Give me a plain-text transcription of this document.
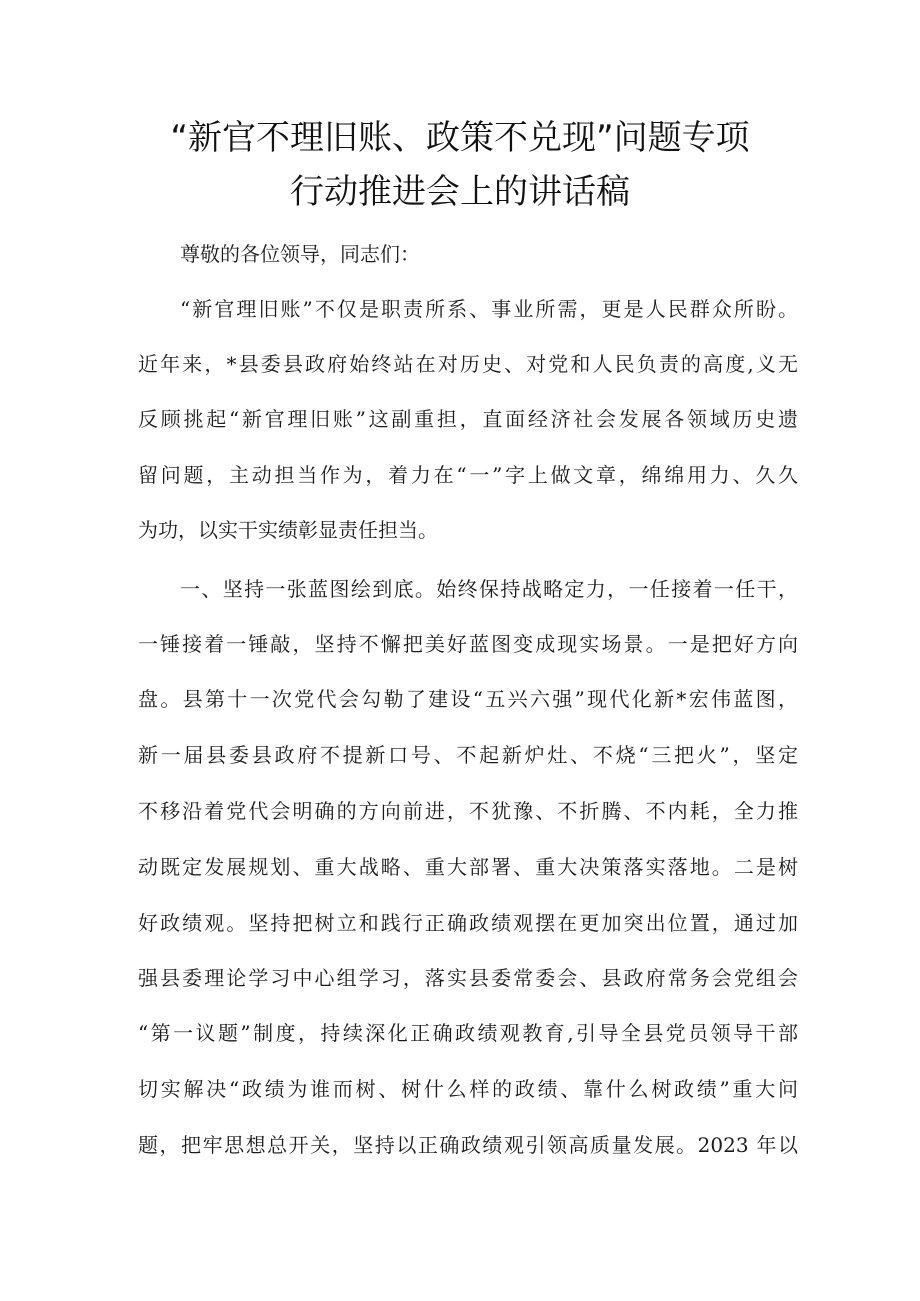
“新官不理旧账、政策不兑现”问题专项
行动推进会上的讲话稿
尊敬的各位领导，同志们：
“新官理旧账”不仅是职责所系、事业所需，更是人民群众所盼。
近年来，*县委县政府始终站在对历史、对党和人民负责的高度,义无
反顾挑起“新官理旧账”这副重担，直面经济社会发展各领域历史遗
留问题，主动担当作为，着力在“一”字上做文章，绵绵用力、久久
为功，以实干实绩彰显责任担当。
一、坚持一张蓝图绘到底。始终保持战略定力，一任接着一任干，
一锤接着一锤敲，坚持不懈把美好蓝图变成现实场景。一是把好方向
盘。县第十一次党代会勾勒了建设“五兴六强”现代化新*宏伟蓝图，
新一届县委县政府不提新口号、不起新炉灶、不烧“三把火”，坚定
不移沿着党代会明确的方向前进，不犹豫、不折腾、不内耗，全力推
动既定发展规划、重大战略、重大部署、重大决策落实落地。二是树
好政绩观。坚持把树立和践行正确政绩观摆在更加突出位置，通过加
强县委理论学习中心组学习，落实县委常委会、县政府常务会党组会
“第一议题”制度，持续深化正确政绩观教育,引导全县党员领导干部
切实解决“政绩为谁而树、树什么样的政绩、靠什么树政绩”重大问
题，把牢思想总开关，坚持以正确政绩观引领高质量发展。2023 年以
